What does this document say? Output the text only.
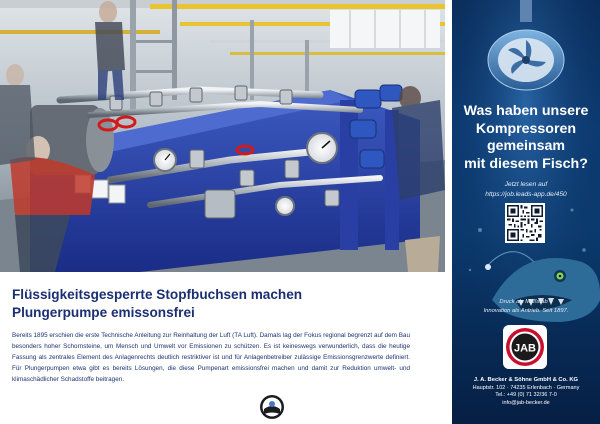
Flüssigkeitsgesperrte Stopfbuchsen machen
Plungerpumpe emissonsfrei

Bereits 1895 erschien die erste Technische Anleitung zur Reinhaltung der Luft (TA Luft). Damals lag der Fokus regional begrenzt auf dem Bau besonders hoher Schornsteine, um Mensch und Umwelt vor Emissionen zu schützen. Es ist keineswegs verwunderlich, dass die heutige Fassung als zentrales Element des Anlagenrechts deutlich restriktiver ist und für Anlagenbetreiber zulässige Emissionsgrenzwerte definiert. Für Plungerpumpen etwa gibt es bereits Lösungen, die diese Pumpenart emissionsfrei machen und damit zur Reduktion umwelt- und klimaschädlicher Schadstoffe beitragen.

Was haben unsere
Kompressoren
gemeinsam
mit diesem Fisch?
Jetzt lesen auf
https://job.leads-app.de/450
Druck als Maßstab –
Innovation als Antrieb. Seit 1897.
JAB
J. A. Becker & Söhne GmbH & Co. KG
Hauptstr. 102 · 74235 Erlenbach · Germany
Tel.: +49 (0) 71 32/36 7-0
info@jab-becker.de
